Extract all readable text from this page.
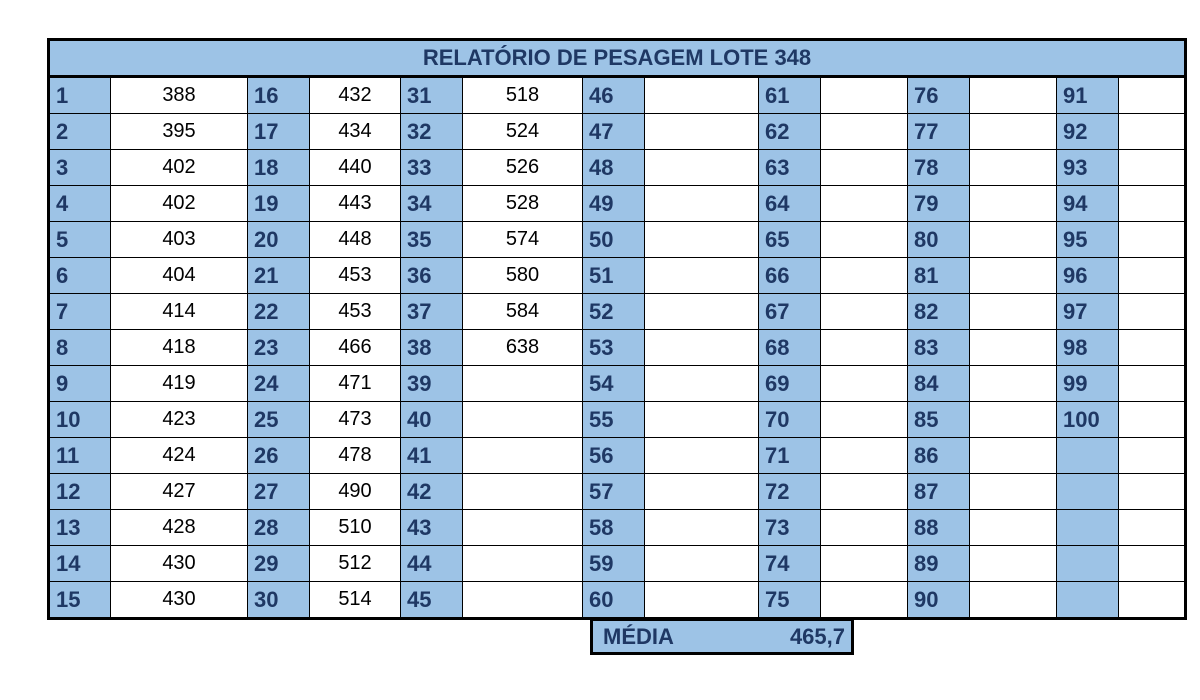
RELATÓRIO DE PESAGEM LOTE 348													
1	388	16	432	31	518	46		61		76		91	
2	395	17	434	32	524	47		62		77		92	
3	402	18	440	33	526	48		63		78		93	
4	402	19	443	34	528	49		64		79		94	
5	403	20	448	35	574	50		65		80		95	
6	404	21	453	36	580	51		66		81		96	
7	414	22	453	37	584	52		67		82		97	
8	418	23	466	38	638	53		68		83		98	
9	419	24	471	39		54		69		84		99	
10	423	25	473	40		55		70		85		100	
11	424	26	478	41		56		71		86			
12	427	27	490	42		57		72		87			
13	428	28	510	43		58		73		88			
14	430	29	512	44		59		74		89			
15	430	30	514	45		60		75		90			
MÉDIA	465,7
